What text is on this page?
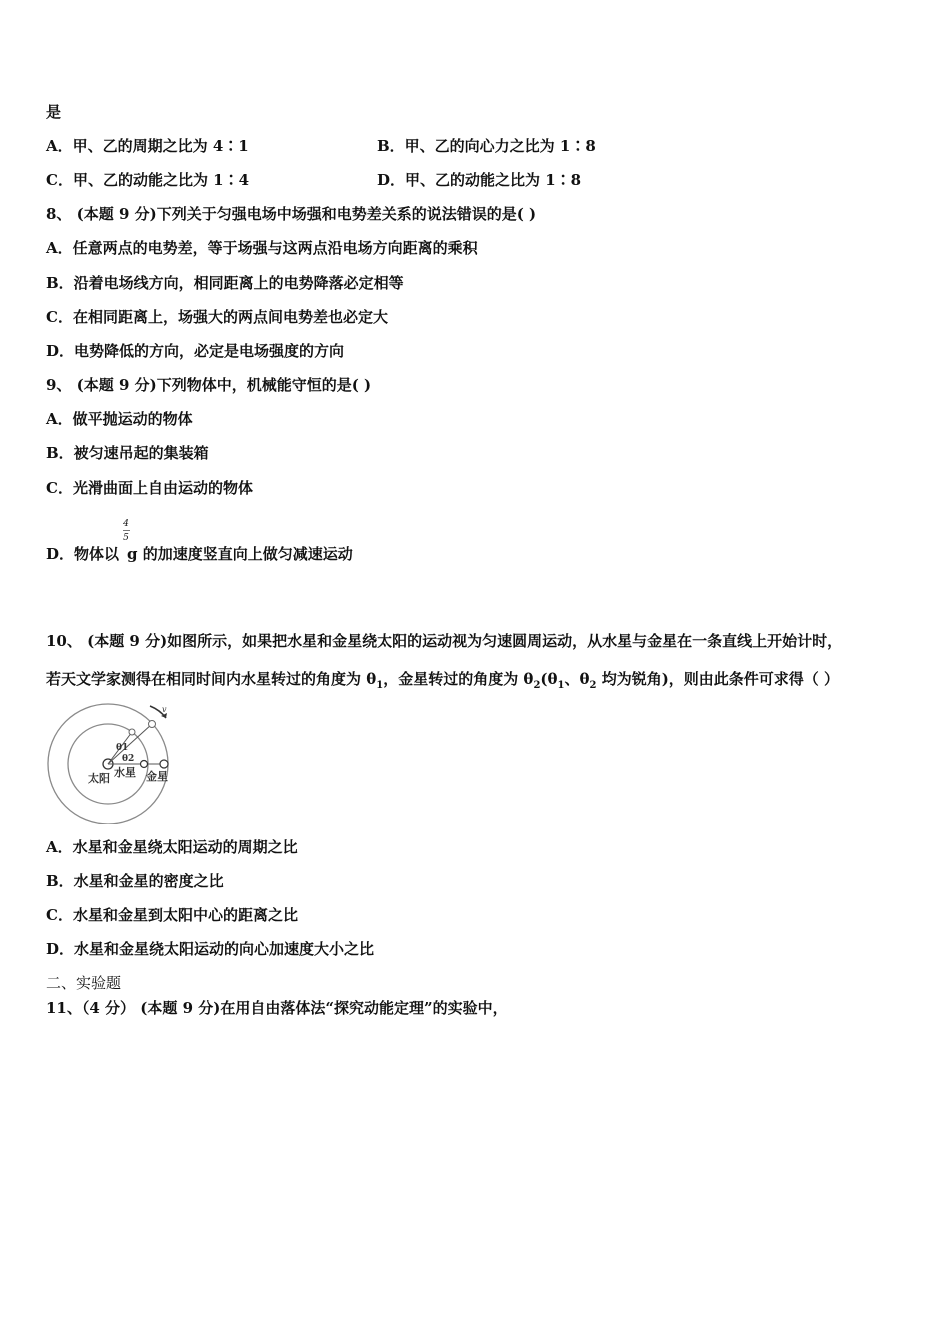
是
A．甲、乙的周期之比为 4∶1	B．甲、乙的向心力之比为 1∶8
C．甲、乙的动能之比为 1∶4	D．甲、乙的动能之比为 1∶8
8、 (本题 9 分)下列关于匀强电场中场强和电势差关系的说法错误的是( )
A．任意两点的电势差，等于场强与这两点沿电场方向距离的乘积
B．沿着电场线方向，相同距离上的电势降落必定相等
C．在相同距离上，场强大的两点间电势差也必定大
D．电势降低的方向，必定是电场强度的方向
9、 (本题 9 分)下列物体中，机械能守恒的是( )
A．做平抛运动的物体
B．被匀速吊起的集装箱
C．光滑曲面上自由运动的物体
D．物体以 g 的加速度竖直向上做匀减速运动
4
5
10、 (本题 9 分)如图所示，如果把水星和金星绕太阳的运动视为匀速圆周运动，从水星与金星在一条直线上开始计时，
若天文学家测得在相同时间内水星转过的角度为 $\theta_1$，金星转过的角度为 $\theta_2(\theta_1$、$\theta_2$ 均为锐角)，则由此条件可求得（ ）
v
θ1
θ2
太阳 水星 金星
A．水星和金星绕太阳运动的周期之比
B．水星和金星的密度之比
C．水星和金星到太阳中心的距离之比
D．水星和金星绕太阳运动的向心加速度大小之比
二、实验题
11、（4 分） (本题 9 分)在用自由落体法“探究动能定理”的实验中，
